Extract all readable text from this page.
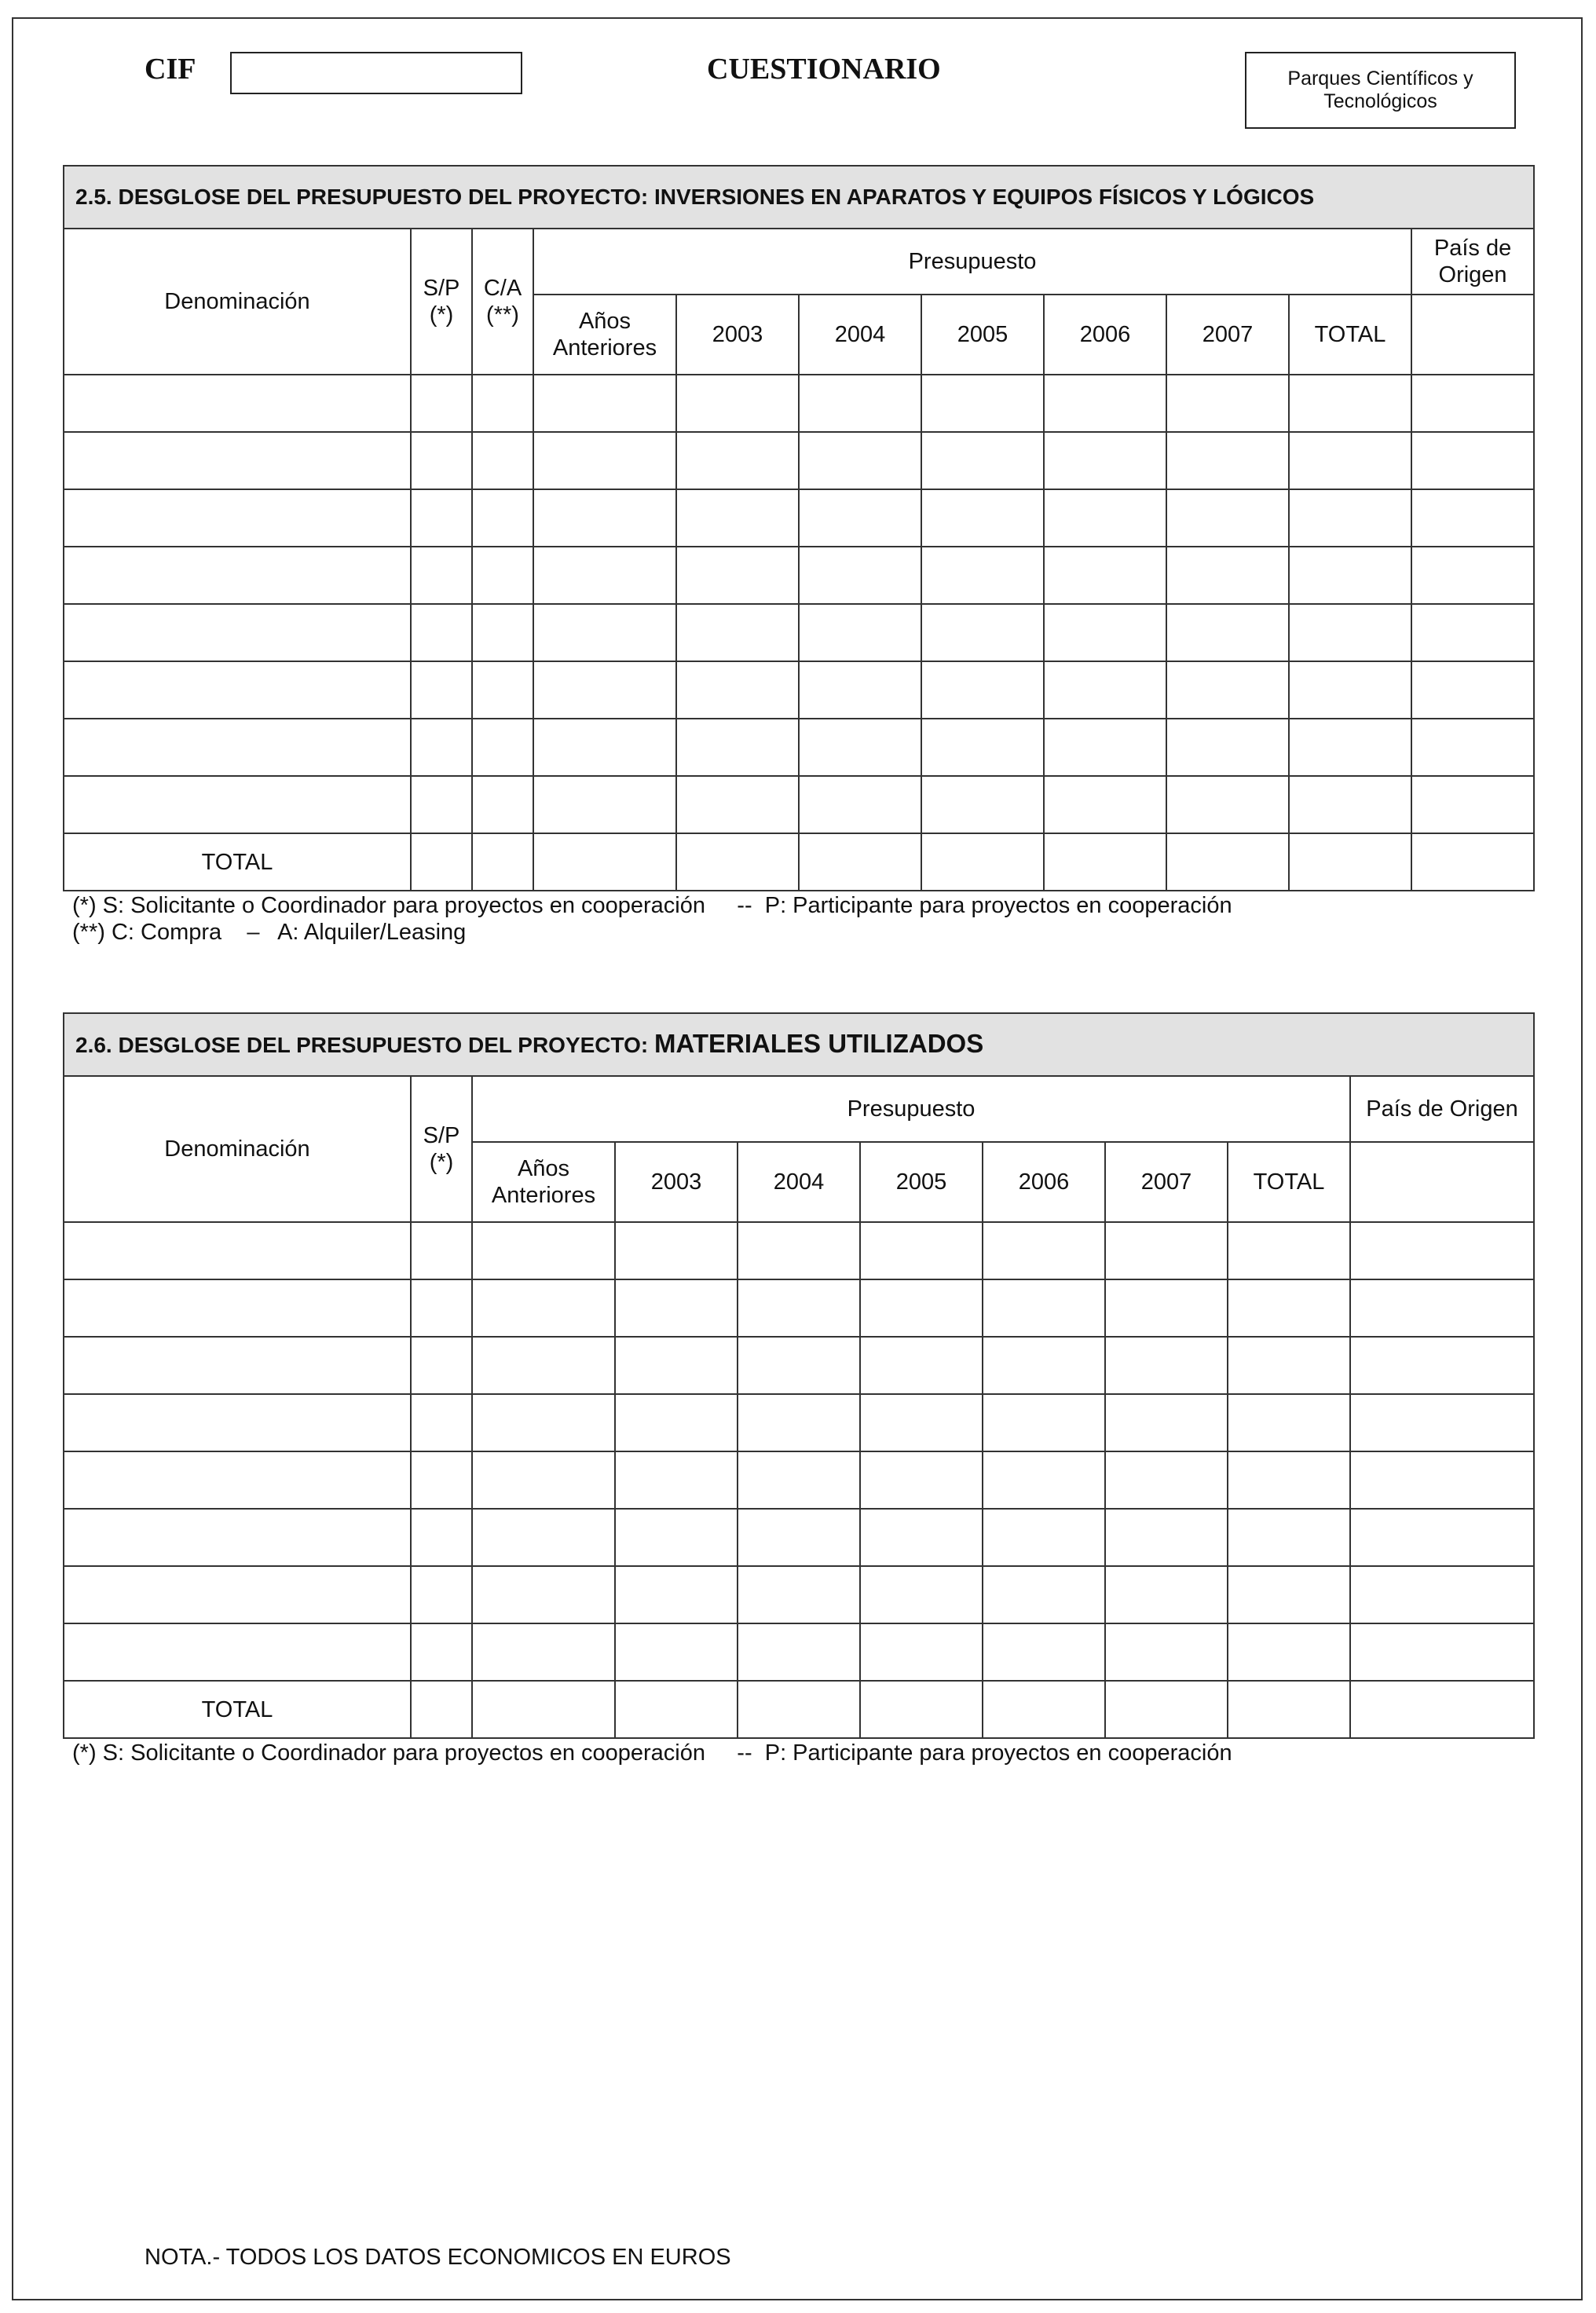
CIF	CUESTIONARIO	Parques Científicos y Tecnológicos
2.5. DESGLOSE DEL PRESUPUESTO DEL PROYECTO: INVERSIONES EN APARATOS Y EQUIPOS FÍSICOS Y LÓGICOS										
Denominación	S/P (*)	C/A (**)	Presupuesto							País de Origen
			Años Anteriores	2003	2004	2005	2006	2007	TOTAL	

TOTAL										
(*) S: Solicitante o Coordinador para proyectos en cooperación     --  P: Participante para proyectos en cooperación
(**) C: Compra    –   A: Alquiler/Leasing
2.6. DESGLOSE DEL PRESUPUESTO DEL PROYECTO: MATERIALES UTILIZADOS									
Denominación	S/P (*)	Presupuesto							País de Origen
		Años Anteriores	2003	2004	2005	2006	2007	TOTAL	

TOTAL									
(*) S: Solicitante o Coordinador para proyectos en cooperación     --  P: Participante para proyectos en cooperación
NOTA.- TODOS LOS DATOS ECONOMICOS EN EUROS
